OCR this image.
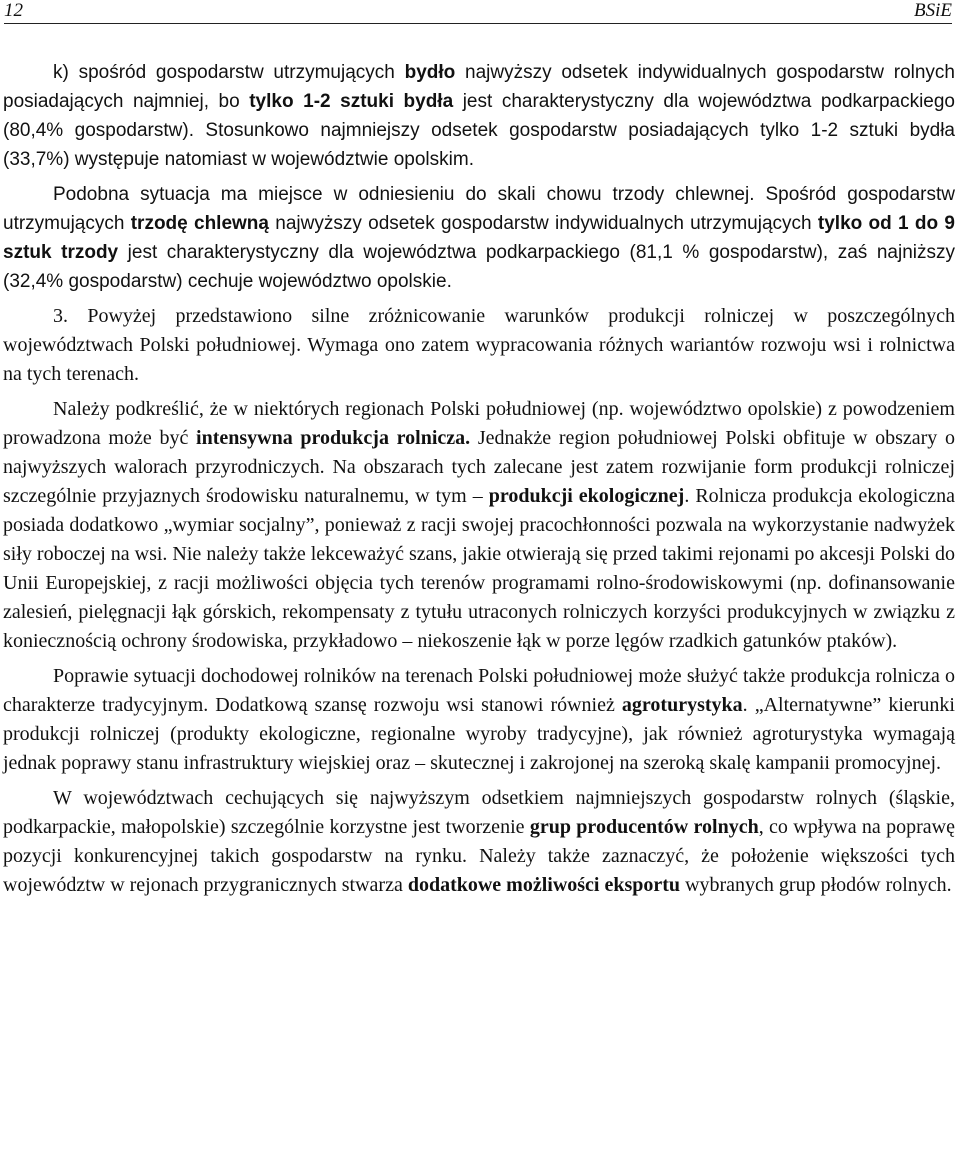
12	BSiE

k) spośród gospodarstw utrzymujących bydło najwyższy odsetek indywidualnych gospodarstw rolnych posiadających najmniej, bo tylko 1-2 sztuki bydła jest charakterystyczny dla województwa podkarpackiego (80,4% gospodarstw). Stosunkowo najmniejszy odsetek gospodarstw posiadających tylko 1-2 sztuki bydła (33,7%) występuje natomiast w województwie opolskim.

Podobna sytuacja ma miejsce w odniesieniu do skali chowu trzody chlewnej. Spośród gospodarstw utrzymujących trzodę chlewną najwyższy odsetek gospodarstw indywidualnych utrzymujących tylko od 1 do 9 sztuk trzody jest charakterystyczny dla województwa podkarpackiego (81,1 % gospodarstw), zaś najniższy (32,4% gospodarstw) cechuje województwo opolskie.

3. Powyżej przedstawiono silne zróżnicowanie warunków produkcji rolniczej w poszczególnych województwach Polski południowej. Wymaga ono zatem wypracowania różnych wariantów rozwoju wsi i rolnictwa na tych terenach.

Należy podkreślić, że w niektórych regionach Polski południowej (np. województwo opolskie) z powodzeniem prowadzona może być intensywna produkcja rolnicza. Jednakże region południowej Polski obfituje w obszary o najwyższych walorach przyrodniczych. Na obszarach tych zalecane jest zatem rozwijanie form produkcji rolniczej szczególnie przyjaznych środowisku naturalnemu, w tym – produkcji ekologicznej. Rolnicza produkcja ekologiczna posiada dodatkowo „wymiar socjalny”, ponieważ z racji swojej pracochłonności pozwala na wykorzystanie nadwyżek siły roboczej na wsi. Nie należy także lekceważyć szans, jakie otwierają się przed takimi rejonami po akcesji Polski do Unii Europejskiej, z racji możliwości objęcia tych terenów programami rolno-środowiskowymi (np. dofinansowanie zalesień, pielęgnacji łąk górskich, rekompensaty z tytułu utraconych rolniczych korzyści produkcyjnych w związku z koniecznością ochrony środowiska, przykładowo – niekoszenie łąk w porze lęgów rzadkich gatunków ptaków).

Poprawie sytuacji dochodowej rolników na terenach Polski południowej może służyć także produkcja rolnicza o charakterze tradycyjnym. Dodatkową szansę rozwoju wsi stanowi również agroturystyka. „Alternatywne” kierunki produkcji rolniczej (produkty ekologiczne, regionalne wyroby tradycyjne), jak również agroturystyka wymagają jednak poprawy stanu infrastruktury wiejskiej oraz – skutecznej i zakrojonej na szeroką skalę kampanii promocyjnej.

W województwach cechujących się najwyższym odsetkiem najmniejszych gospodarstw rolnych (śląskie, podkarpackie, małopolskie) szczególnie korzystne jest tworzenie grup producentów rolnych, co wpływa na poprawę pozycji konkurencyjnej takich gospodarstw na rynku. Należy także zaznaczyć, że położenie większości tych województw w rejonach przygranicznych stwarza dodatkowe możliwości eksportu wybranych grup płodów rolnych.
